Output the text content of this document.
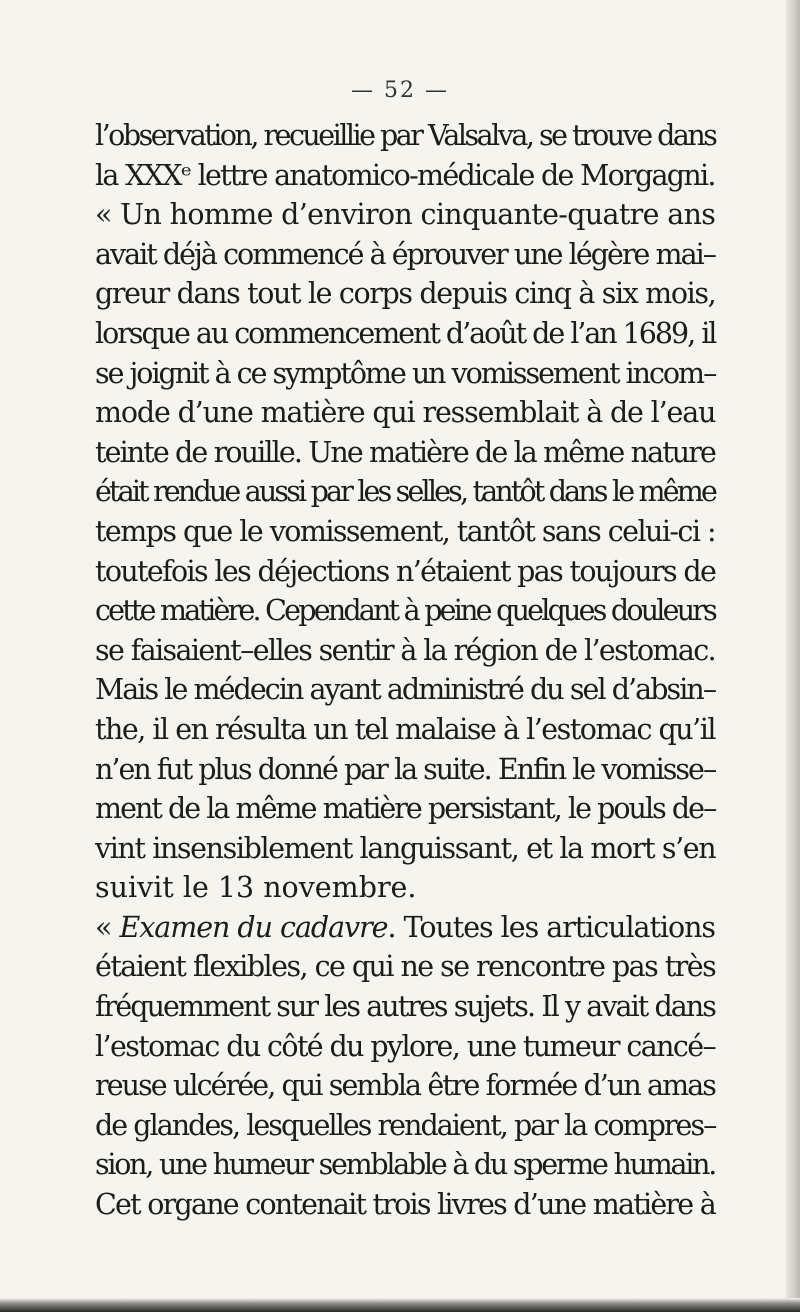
— 52 —
l’observation, recueillie par Valsalva, se trouve dans
la XXXᵉ lettre anatomico-médicale de Morgagni.
« Un homme d’environ cinquante-quatre ans
avait déjà commencé à éprouver une légère mai–
greur dans tout le corps depuis cinq à six mois,
lorsque au commencement d’août de l’an 1689, il
se joignit à ce symptôme un vomissement incom–
mode d’une matière qui ressemblait à de l’eau
teinte de rouille. Une matière de la même nature
était rendue aussi par les selles, tantôt dans le même
temps que le vomissement, tantôt sans celui-ci :
toutefois les déjections n’étaient pas toujours de
cette matière. Cependant à peine quelques douleurs
se faisaient–elles sentir à la région de l’estomac.
Mais le médecin ayant administré du sel d’absin–
the, il en résulta un tel malaise à l’estomac qu’il
n’en fut plus donné par la suite. Enfin le vomisse–
ment de la même matière persistant, le pouls de–
vint insensiblement languissant, et la mort s’en
suivit le 13 novembre.
« Examen du cadavre. Toutes les articulations
étaient flexibles, ce qui ne se rencontre pas très
fréquemment sur les autres sujets. Il y avait dans
l’estomac du côté du pylore, une tumeur cancé–
reuse ulcérée, qui sembla être formée d’un amas
de glandes, lesquelles rendaient, par la compres–
sion, une humeur semblable à du sperme humain.
Cet organe contenait trois livres d’une matière à
